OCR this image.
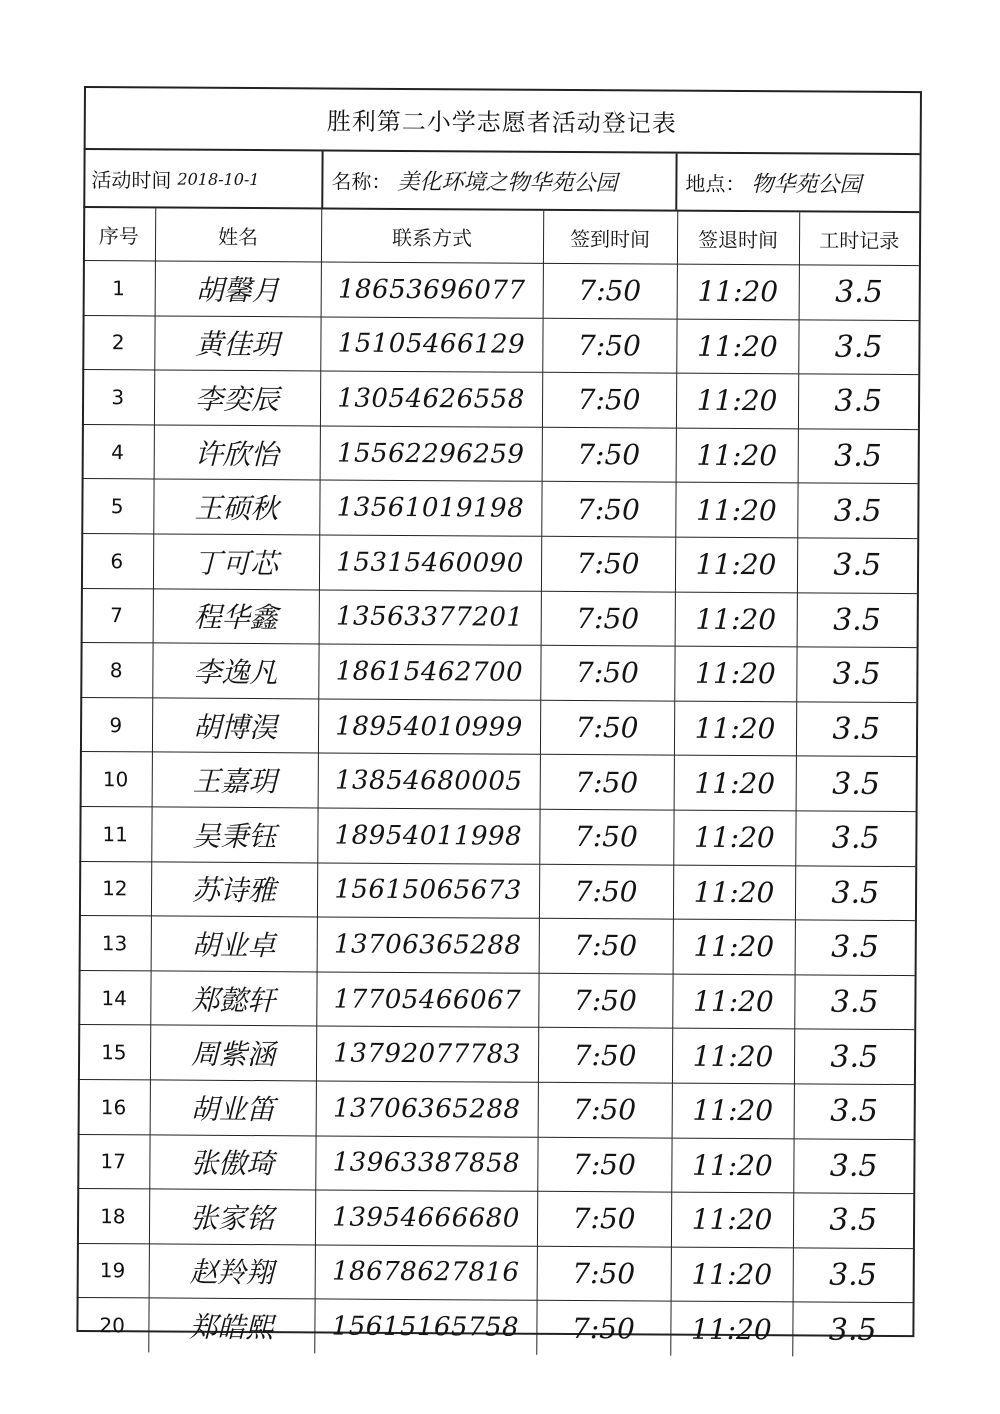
胜利第二小学志愿者活动登记表
活动时间 2018-10-1	名称： 美化环境之物华苑公园	地点： 物华苑公园
序号	姓名	联系方式	签到时间	签退时间	工时记录
1	胡馨月	18653696077	7:50	11:20	3.5
2	黄佳玥	15105466129	7:50	11:20	3.5
3	李奕辰	13054626558	7:50	11:20	3.5
4	许欣怡	15562296259	7:50	11:20	3.5
5	王硕秋	13561019198	7:50	11:20	3.5
6	丁可芯	15315460090	7:50	11:20	3.5
7	程华鑫	13563377201	7:50	11:20	3.5
8	李逸凡	18615462700	7:50	11:20	3.5
9	胡博淏	18954010999	7:50	11:20	3.5
10	王嘉玥	13854680005	7:50	11:20	3.5
11	吴秉钰	18954011998	7:50	11:20	3.5
12	苏诗雅	15615065673	7:50	11:20	3.5
13	胡业卓	13706365288	7:50	11:20	3.5
14	郑懿轩	17705466067	7:50	11:20	3.5
15	周紫涵	13792077783	7:50	11:20	3.5
16	胡业笛	13706365288	7:50	11:20	3.5
17	张傲琦	13963387858	7:50	11:20	3.5
18	张家铭	13954666680	7:50	11:20	3.5
19	赵羚翔	18678627816	7:50	11:20	3.5
20	郑皓熙	15615165758	7:50	11:20	3.5
